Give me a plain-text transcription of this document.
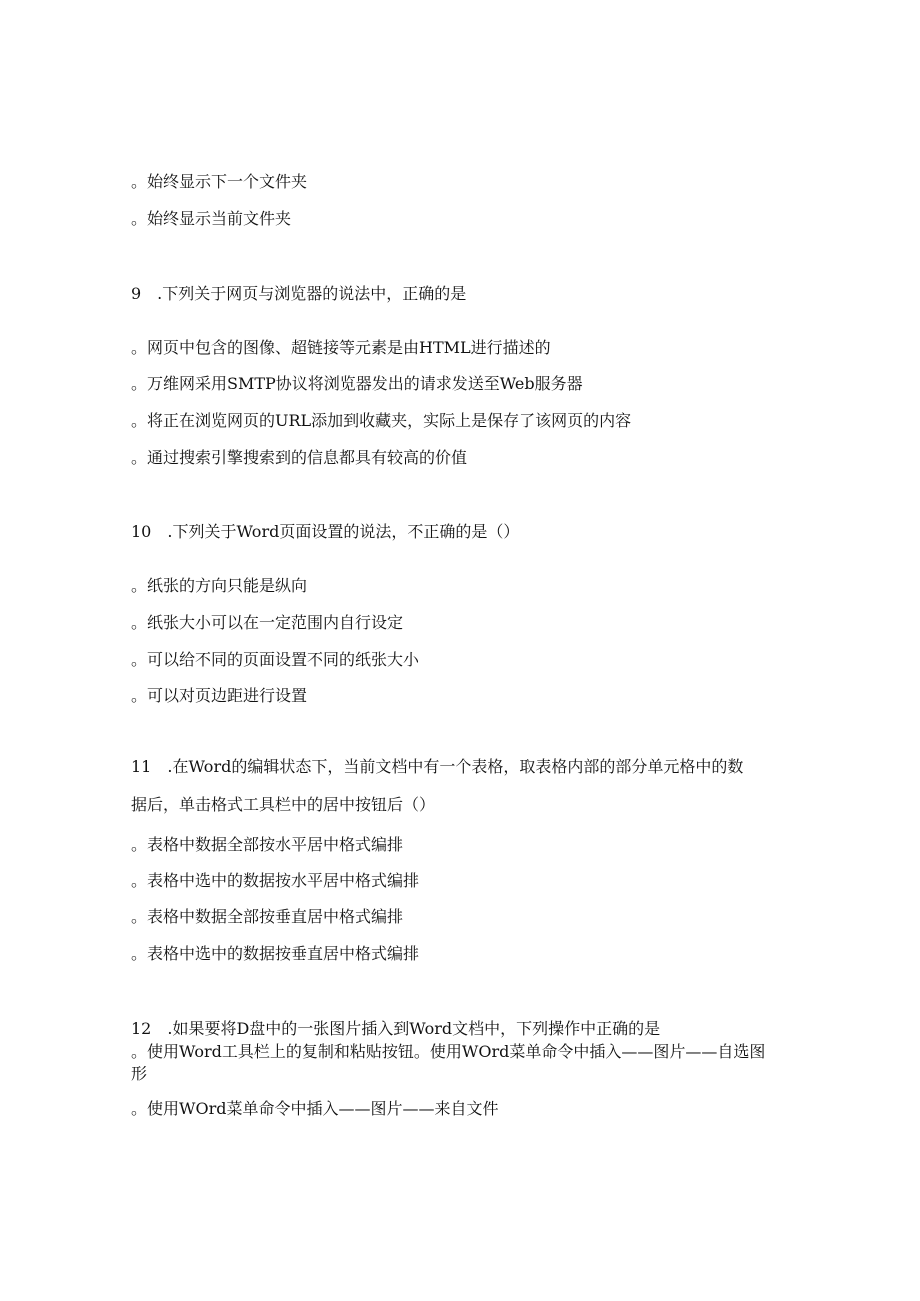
。始终显示下一个文件夹
。始终显示当前文件夹
9　.下列关于网页与浏览器的说法中，正确的是
。网页中包含的图像、超链接等元素是由HTML进行描述的
。万维网采用SMTP协议将浏览器发出的请求发送至Web服务器
。将正在浏览网页的URL添加到收藏夹，实际上是保存了该网页的内容
。通过搜索引擎搜索到的信息都具有较高的价值
10　.下列关于Word页面设置的说法，不正确的是（）
。纸张的方向只能是纵向
。纸张大小可以在一定范围内自行设定
。可以给不同的页面设置不同的纸张大小
。可以对页边距进行设置
11　.在Word的编辑状态下，当前文档中有一个表格，取表格内部的部分单元格中的数
据后，单击格式工具栏中的居中按钮后（）
。表格中数据全部按水平居中格式编排
。表格中选中的数据按水平居中格式编排
。表格中数据全部按垂直居中格式编排
。表格中选中的数据按垂直居中格式编排
12　.如果要将D盘中的一张图片插入到Word文档中，下列操作中正确的是
。使用Word工具栏上的复制和粘贴按钮。使用WOrd菜单命令中插入——图片——自选图形
。使用WOrd菜单命令中插入——图片——来自文件
